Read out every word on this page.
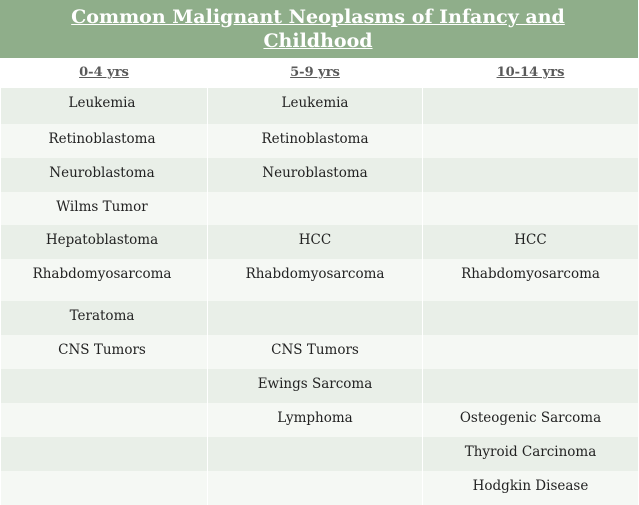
Common Malignant Neoplasms of Infancy and Childhood
0-4 yrs	5-9 yrs	10-14 yrs
Leukemia	Leukemia	
Retinoblastoma	Retinoblastoma	
Neuroblastoma	Neuroblastoma	
Wilms Tumor		
Hepatoblastoma	HCC	HCC
Rhabdomyosarcoma	Rhabdomyosarcoma	Rhabdomyosarcoma
Teratoma		
CNS Tumors	CNS Tumors	
	Ewings Sarcoma	
	Lymphoma	Osteogenic Sarcoma
		Thyroid Carcinoma
		Hodgkin Disease
